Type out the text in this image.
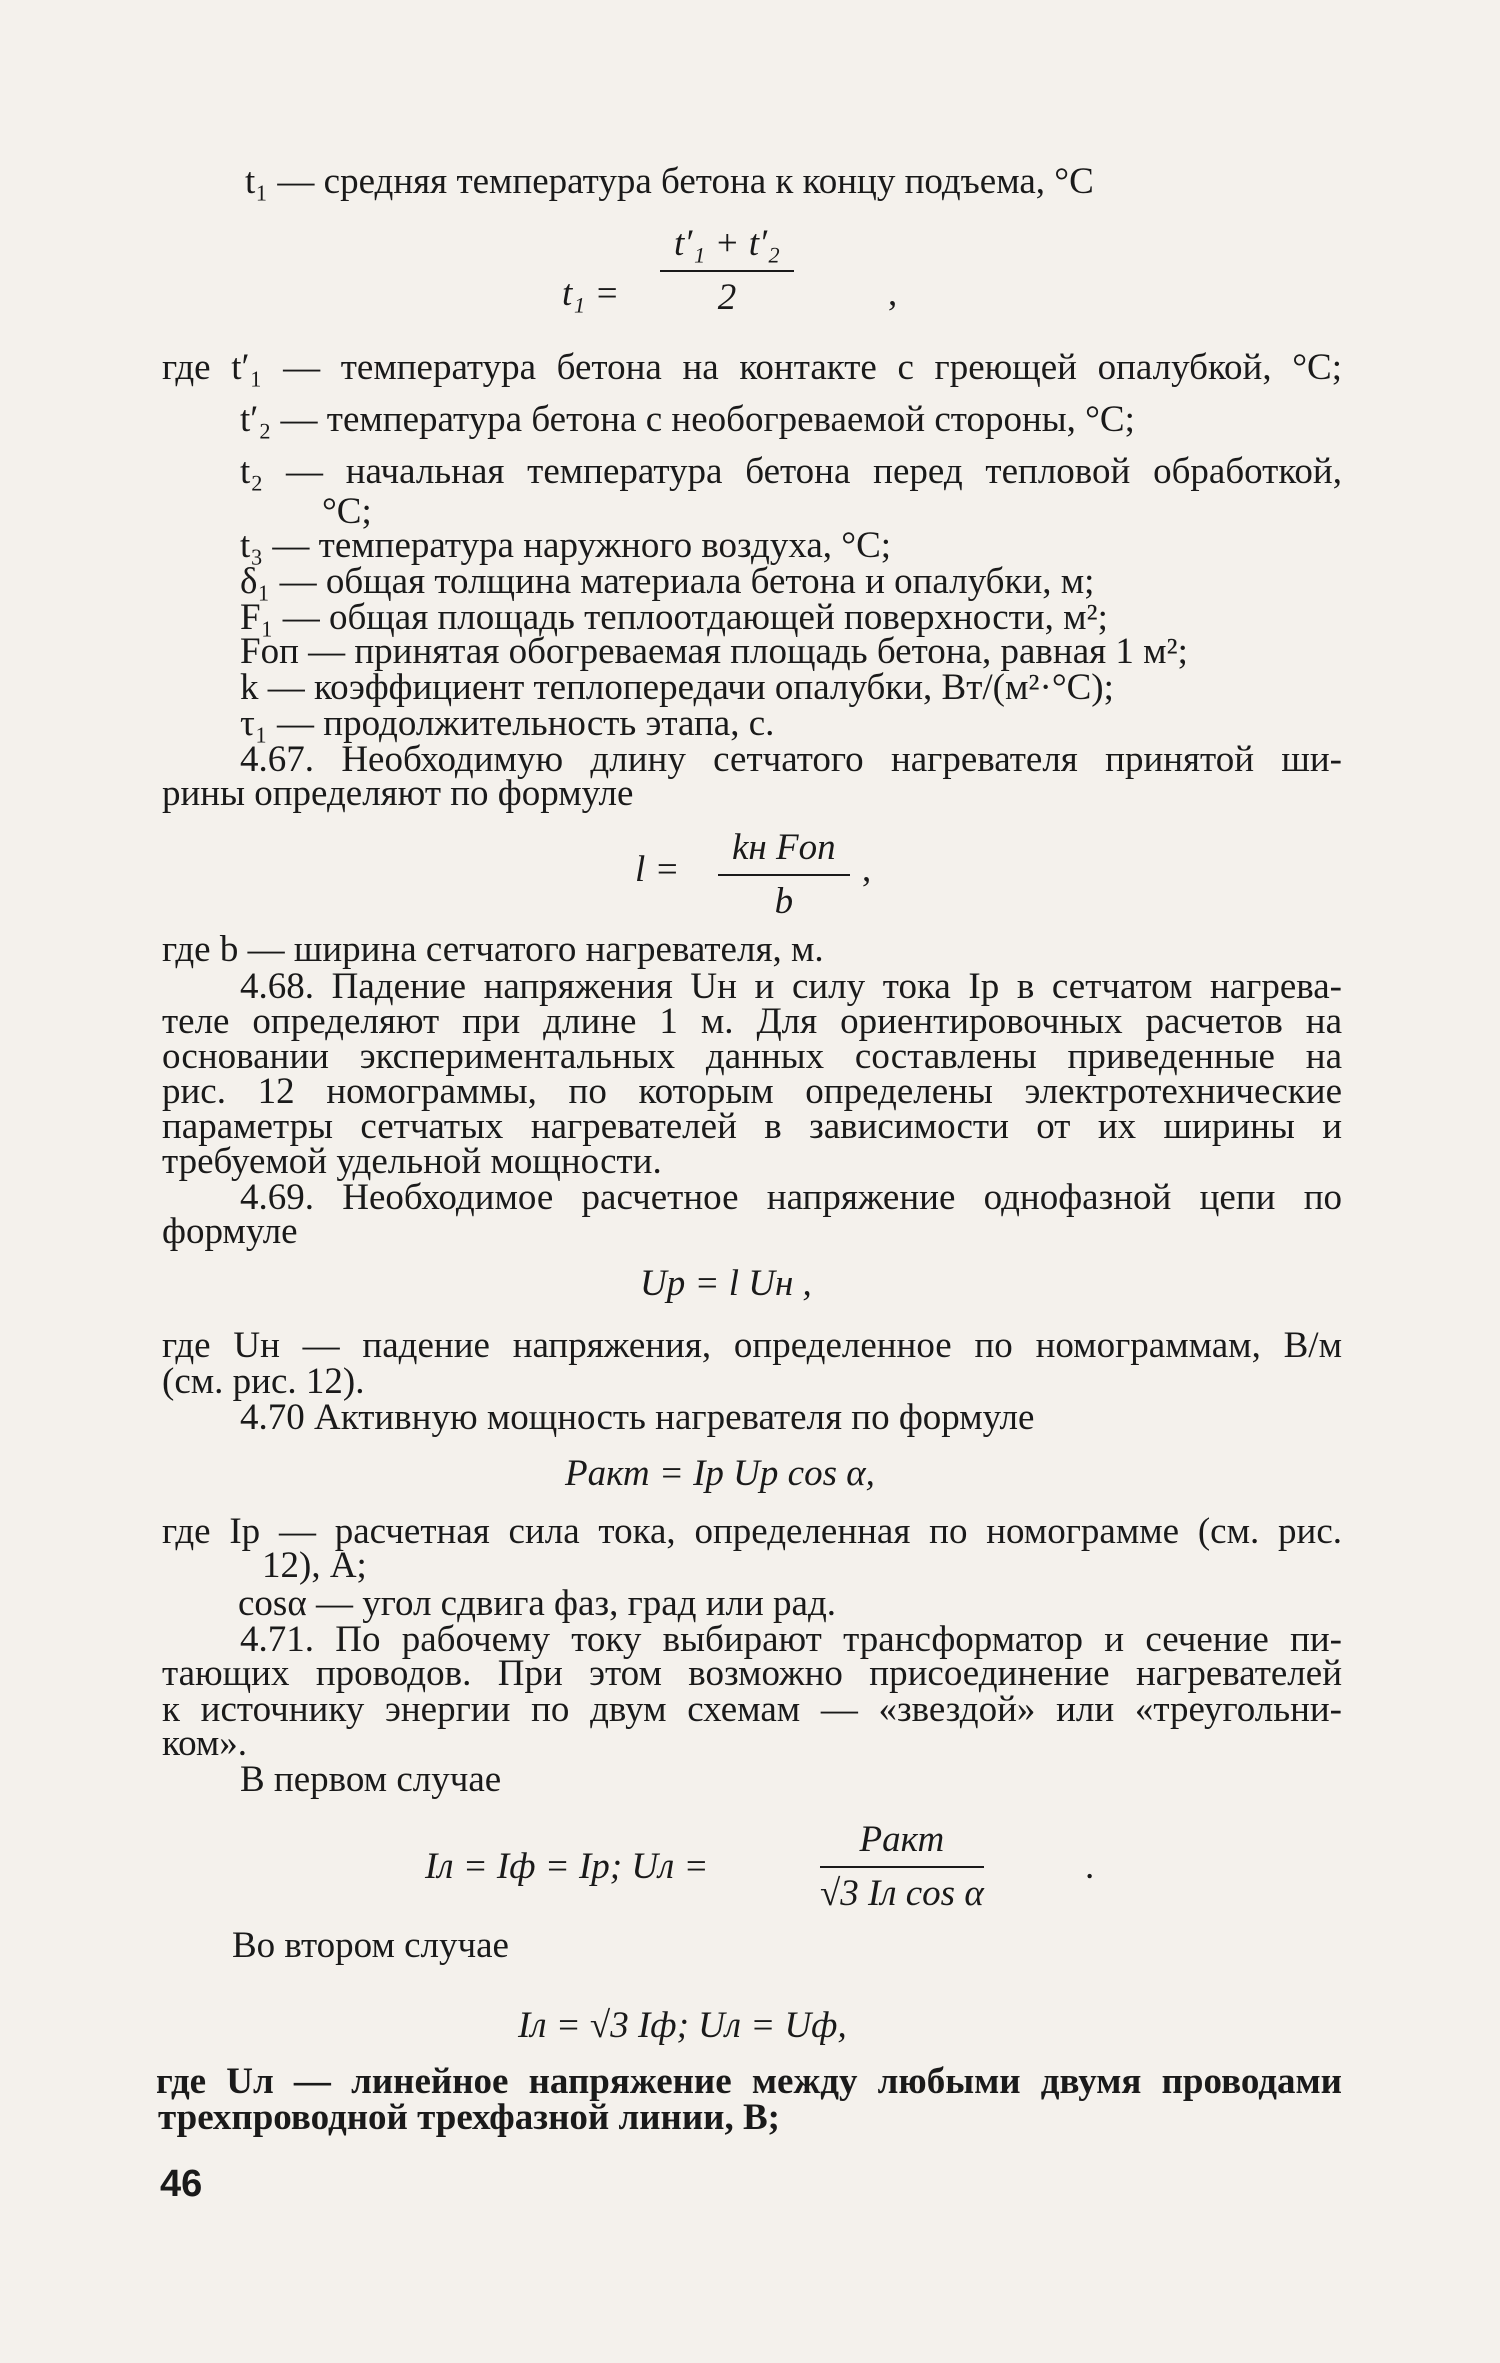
t₁ — средняя температура бетона к концу подъема, °С
$t_1 = \frac{\text{t′₁ + t′₂}}{2}$	,
где t′₁ — температура бетона на контакте с греющей опалубкой, °С;
t′₂ — температура бетона с необогреваемой стороны, °С;
t₂ — начальная температура бетона перед тепловой обработкой,
°С;
t₃ — температура наружного воздуха, °С;
δ₁ — общая толщина материала бетона и опалубки, м;
F₁ — общая площадь теплоотдающей поверхности, м²;
Fоп — принятая обогреваемая площадь бетона, равная 1 м²;
k — коэффициент теплопередачи опалубки, Вт/(м²·°С);
τ₁ — продолжительность этапа, с.
4.67. Необходимую длину сетчатого нагревателя принятой ши-
рины определяют по формуле
l =
kн Fоп
b
,
где b — ширина сетчатого нагревателя, м.
4.68. Падение напряжения Uн и силу тока Iр в сетчатом нагрева-
теле определяют при длине 1 м. Для ориентировочных расчетов на
основании экспериментальных данных составлены приведенные на
рис. 12 номограммы, по которым определены электротехнические
параметры сетчатых нагревателей в зависимости от их ширины и
требуемой удельной мощности.
4.69. Необходимое расчетное напряжение однофазной цепи по
формуле
Uр = l Uн ,
где Uн — падение напряжения, определенное по номограммам, В/м
(см. рис. 12).
4.70 Активную мощность нагревателя по формуле
Pакт = Iр Uр cos α,
где Iр — расчетная сила тока, определенная по номограмме (см. рис.
12), А;
cosα — угол сдвига фаз, град или рад.
4.71. По рабочему току выбирают трансформатор и сечение пи-
тающих проводов. При этом возможно присоединение нагревателей
к источнику энергии по двум схемам — «звездой» или «треугольни-
ком».
В первом случае
Iл = Iф = Iр; Uл =
Pакт
√3 Iл cos α
.
Во втором случае
Iл = √3 Iф; Uл = Uф,
где Uл — линейное напряжение между любыми двумя проводами
трехпроводной трехфазной линии, В;
46
